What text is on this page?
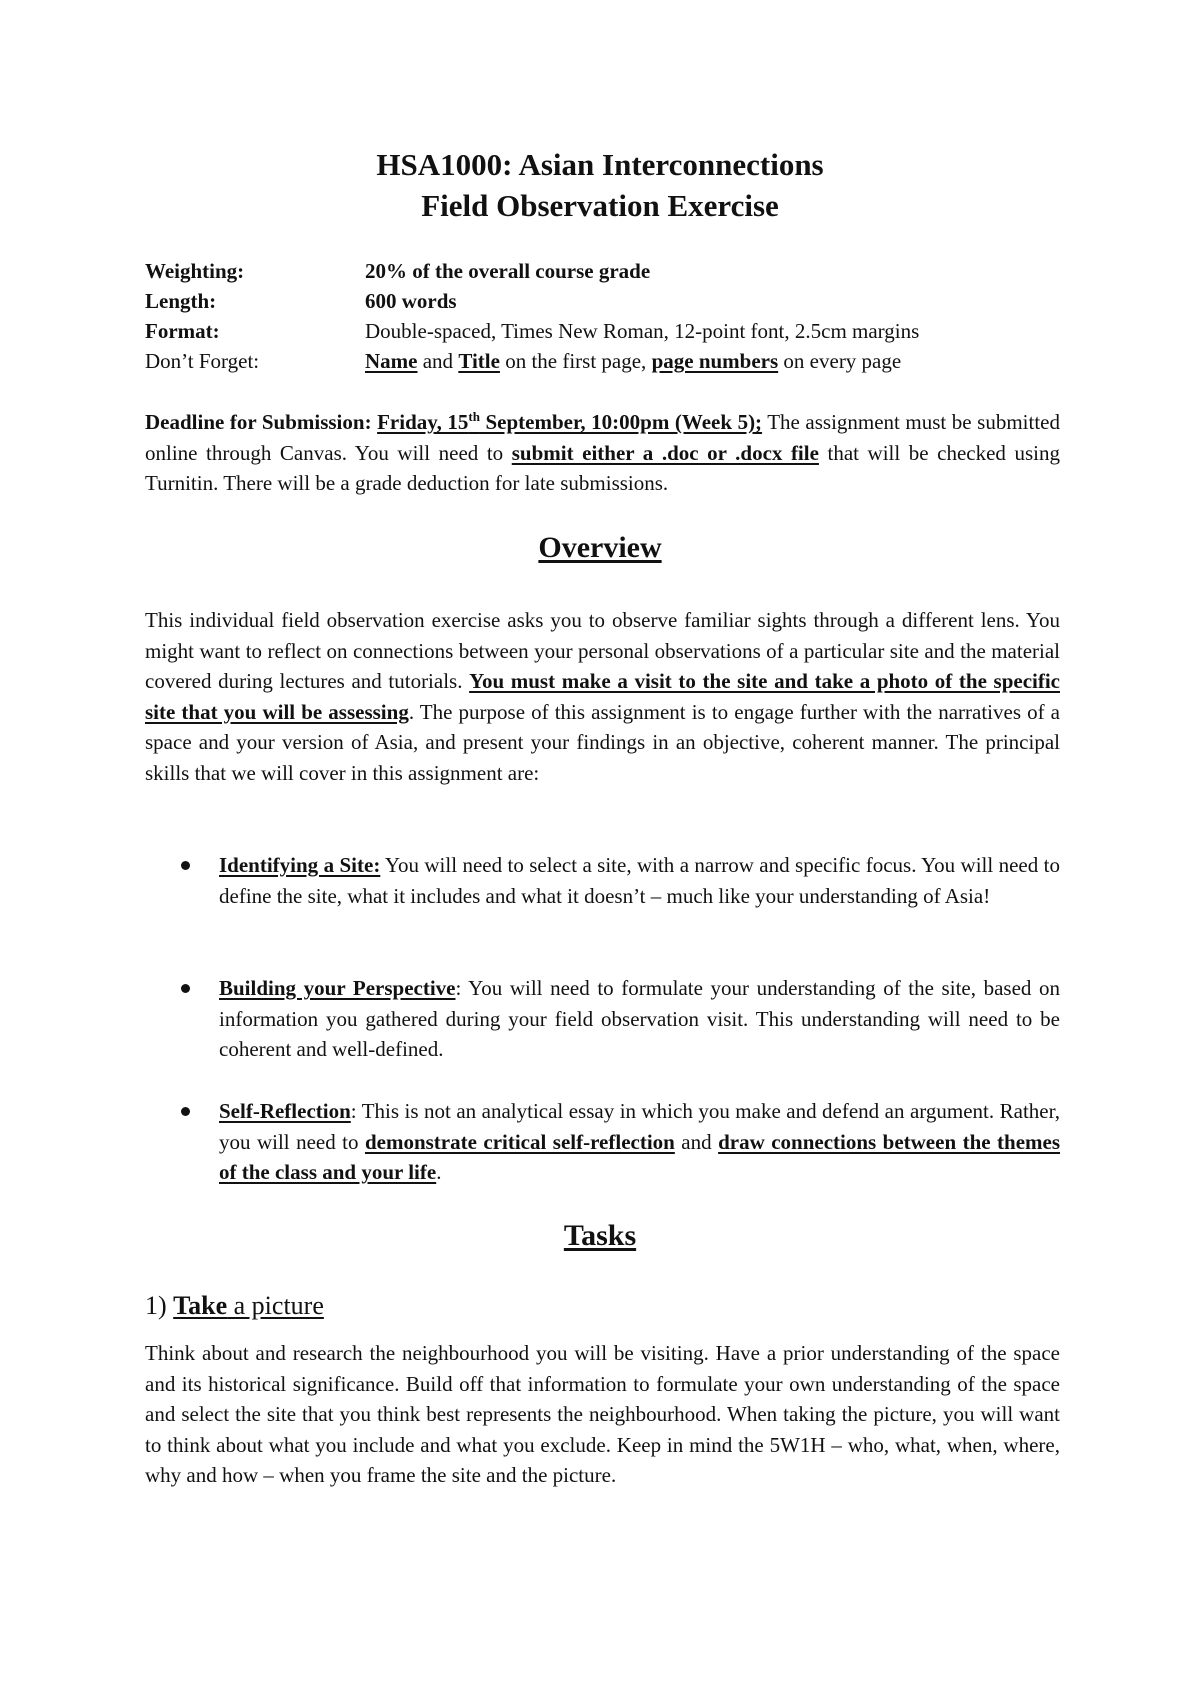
HSA1000: Asian Interconnections
Field Observation Exercise
Weighting:	20% of the overall course grade
Length:	600 words
Format:	Double-spaced, Times New Roman, 12-point font, 2.5cm margins
Don’t Forget:	Name and Title on the first page, page numbers on every page
Deadline for Submission: Friday, 15th September, 10:00pm (Week 5); The assignment must be submitted online through Canvas. You will need to submit either a .doc or .docx file that will be checked using Turnitin. There will be a grade deduction for late submissions.
Overview
This individual field observation exercise asks you to observe familiar sights through a different lens. You might want to reflect on connections between your personal observations of a particular site and the material covered during lectures and tutorials. You must make a visit to the site and take a photo of the specific site that you will be assessing. The purpose of this assignment is to engage further with the narratives of a space and your version of Asia, and present your findings in an objective, coherent manner. The principal skills that we will cover in this assignment are:
Identifying a Site: You will need to select a site, with a narrow and specific focus. You will need to define the site, what it includes and what it doesn’t – much like your understanding of Asia!
Building your Perspective: You will need to formulate your understanding of the site, based on information you gathered during your field observation visit. This understanding will need to be coherent and well-defined.
Self-Reflection: This is not an analytical essay in which you make and defend an argument. Rather, you will need to demonstrate critical self-reflection and draw connections between the themes of the class and your life.
Tasks
1) Take a picture
Think about and research the neighbourhood you will be visiting. Have a prior understanding of the space and its historical significance. Build off that information to formulate your own understanding of the space and select the site that you think best represents the neighbourhood. When taking the picture, you will want to think about what you include and what you exclude. Keep in mind the 5W1H – who, what, when, where, why and how – when you frame the site and the picture.
